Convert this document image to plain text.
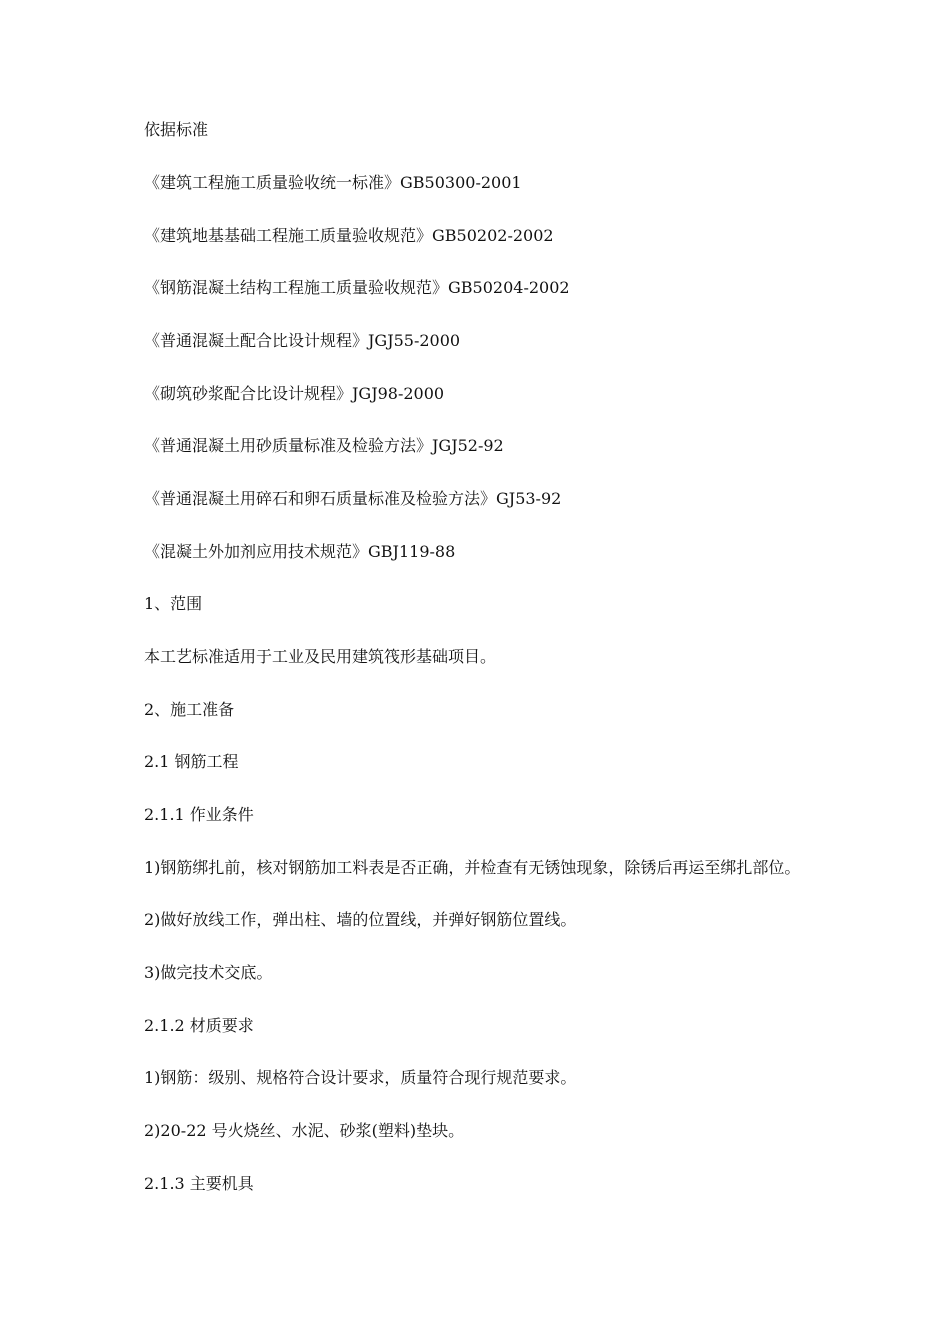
依据标准

《建筑工程施工质量验收统一标准》GB50300-2001

《建筑地基基础工程施工质量验收规范》GB50202-2002

《钢筋混凝土结构工程施工质量验收规范》GB50204-2002

《普通混凝土配合比设计规程》JGJ55-2000

《砌筑砂浆配合比设计规程》JGJ98-2000

《普通混凝土用砂质量标准及检验方法》JGJ52-92

《普通混凝土用碎石和卵石质量标准及检验方法》GJ53-92

《混凝土外加剂应用技术规范》GBJ119-88

1、范围

本工艺标准适用于工业及民用建筑筏形基础项目。

2、施工准备

2.1 钢筋工程

2.1.1 作业条件

1)钢筋绑扎前，核对钢筋加工料表是否正确，并检查有无锈蚀现象，除锈后再运至绑扎部位。

2)做好放线工作，弹出柱、墙的位置线，并弹好钢筋位置线。

3)做完技术交底。

2.1.2 材质要求

1)钢筋：级别、规格符合设计要求，质量符合现行规范要求。

2)20-22 号火烧丝、水泥、砂浆(塑料)垫块。

2.1.3 主要机具
